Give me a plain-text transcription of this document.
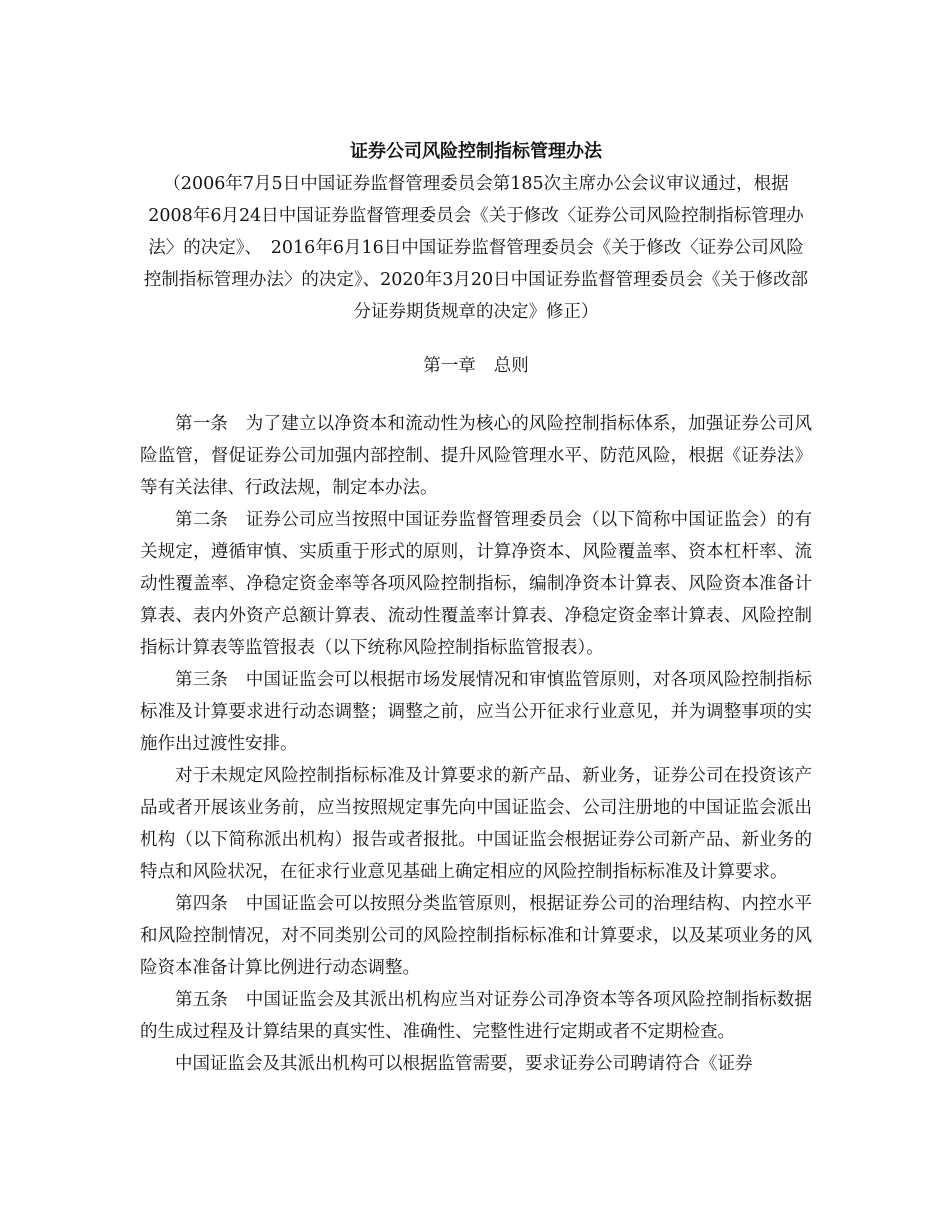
证券公司风险控制指标管理办法

（2006年7月5日中国证券监督管理委员会第185次主席办公会议审议通过，根据2008年6月24日中国证券监督管理委员会《关于修改〈证券公司风险控制指标管理办法〉的决定》、　2016年6月16日中国证券监督管理委员会《关于修改〈证券公司风险控制指标管理办法〉的决定》、2020年3月20日中国证券监督管理委员会《关于修改部分证券期货规章的决定》修正）

第一章 总则

第一条 为了建立以净资本和流动性为核心的风险控制指标体系，加强证券公司风险监管，督促证券公司加强内部控制、提升风险管理水平、防范风险，根据《证券法》等有关法律、行政法规，制定本办法。

第二条 证券公司应当按照中国证券监督管理委员会（以下简称中国证监会）的有关规定，遵循审慎、实质重于形式的原则，计算净资本、风险覆盖率、资本杠杆率、流动性覆盖率、净稳定资金率等各项风险控制指标，编制净资本计算表、风险资本准备计算表、表内外资产总额计算表、流动性覆盖率计算表、净稳定资金率计算表、风险控制指标计算表等监管报表（以下统称风险控制指标监管报表）。

第三条 中国证监会可以根据市场发展情况和审慎监管原则，对各项风险控制指标标准及计算要求进行动态调整；调整之前，应当公开征求行业意见，并为调整事项的实施作出过渡性安排。

对于未规定风险控制指标标准及计算要求的新产品、新业务，证券公司在投资该产品或者开展该业务前，应当按照规定事先向中国证监会、公司注册地的中国证监会派出机构（以下简称派出机构）报告或者报批。中国证监会根据证券公司新产品、新业务的特点和风险状况，在征求行业意见基础上确定相应的风险控制指标标准及计算要求。

第四条 中国证监会可以按照分类监管原则，根据证券公司的治理结构、内控水平和风险控制情况，对不同类别公司的风险控制指标标准和计算要求，以及某项业务的风险资本准备计算比例进行动态调整。

第五条 中国证监会及其派出机构应当对证券公司净资本等各项风险控制指标数据的生成过程及计算结果的真实性、准确性、完整性进行定期或者不定期检查。

中国证监会及其派出机构可以根据监管需要，要求证券公司聘请符合《证券
